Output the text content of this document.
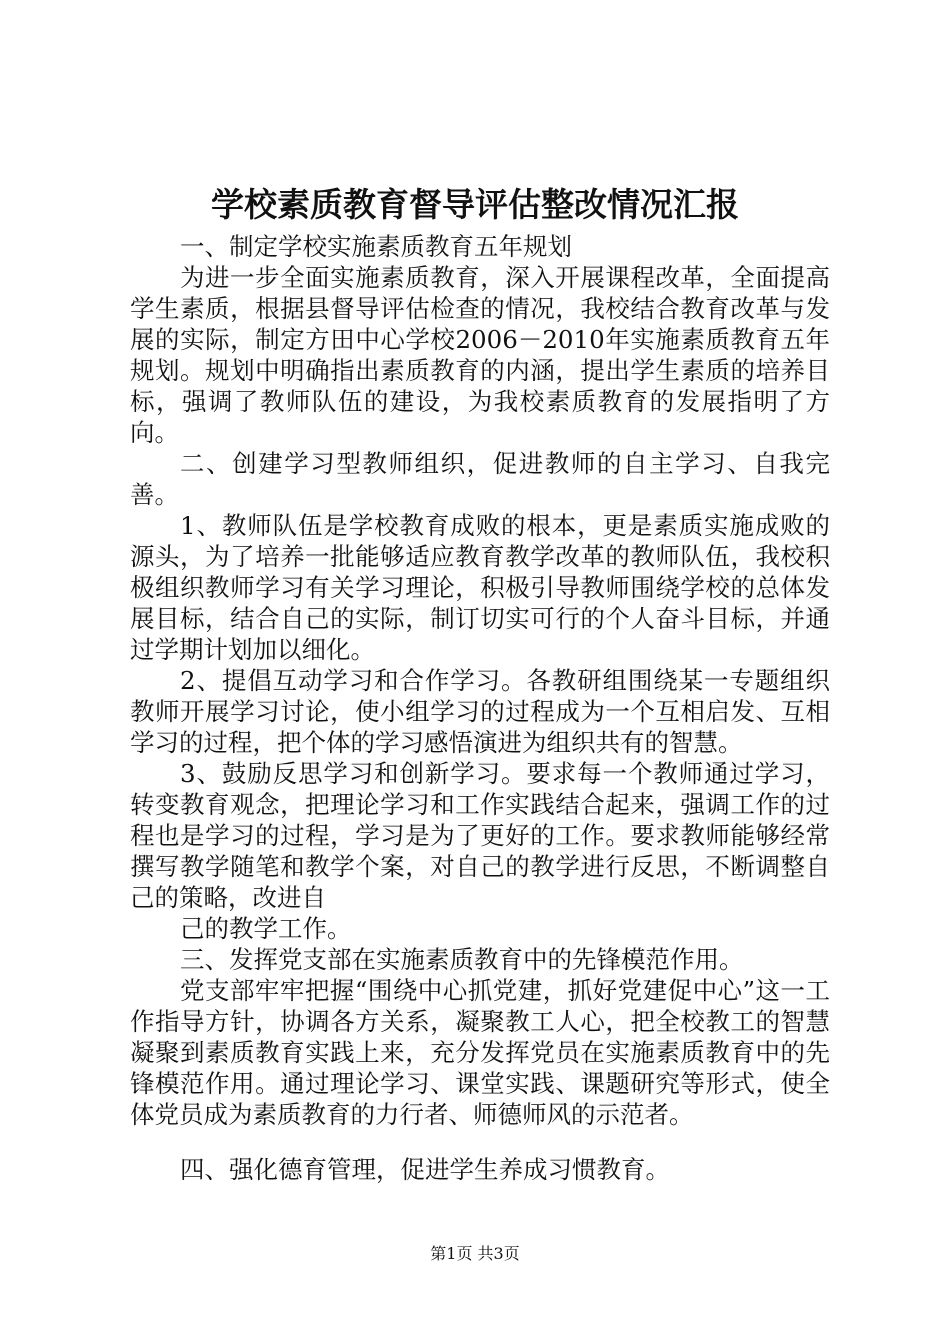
学校素质教育督导评估整改情况汇报

一、制定学校实施素质教育五年规划

为进一步全面实施素质教育，深入开展课程改革，全面提高学生素质，根据县督导评估检查的情况，我校结合教育改革与发展的实际，制定方田中心学校2006－2010年实施素质教育五年规划。规划中明确指出素质教育的内涵，提出学生素质的培养目标，强调了教师队伍的建设，为我校素质教育的发展指明了方向。

二、创建学习型教师组织，促进教师的自主学习、自我完善。

1、教师队伍是学校教育成败的根本，更是素质实施成败的源头，为了培养一批能够适应教育教学改革的教师队伍，我校积极组织教师学习有关学习理论，积极引导教师围绕学校的总体发展目标，结合自己的实际，制订切实可行的个人奋斗目标，并通过学期计划加以细化。

2、提倡互动学习和合作学习。各教研组围绕某一专题组织教师开展学习讨论，使小组学习的过程成为一个互相启发、互相学习的过程，把个体的学习感悟演进为组织共有的智慧。

3、鼓励反思学习和创新学习。要求每一个教师通过学习，转变教育观念，把理论学习和工作实践结合起来，强调工作的过程也是学习的过程，学习是为了更好的工作。要求教师能够经常撰写教学随笔和教学个案，对自己的教学进行反思，不断调整自己的策略，改进自

己的教学工作。

三、发挥党支部在实施素质教育中的先锋模范作用。

党支部牢牢把握“围绕中心抓党建，抓好党建促中心”这一工作指导方针，协调各方关系，凝聚教工人心，把全校教工的智慧凝聚到素质教育实践上来，充分发挥党员在实施素质教育中的先锋模范作用。通过理论学习、课堂实践、课题研究等形式，使全体党员成为素质教育的力行者、师德师风的示范者。

四、强化德育管理，促进学生养成习惯教育。

第1页 共3页
